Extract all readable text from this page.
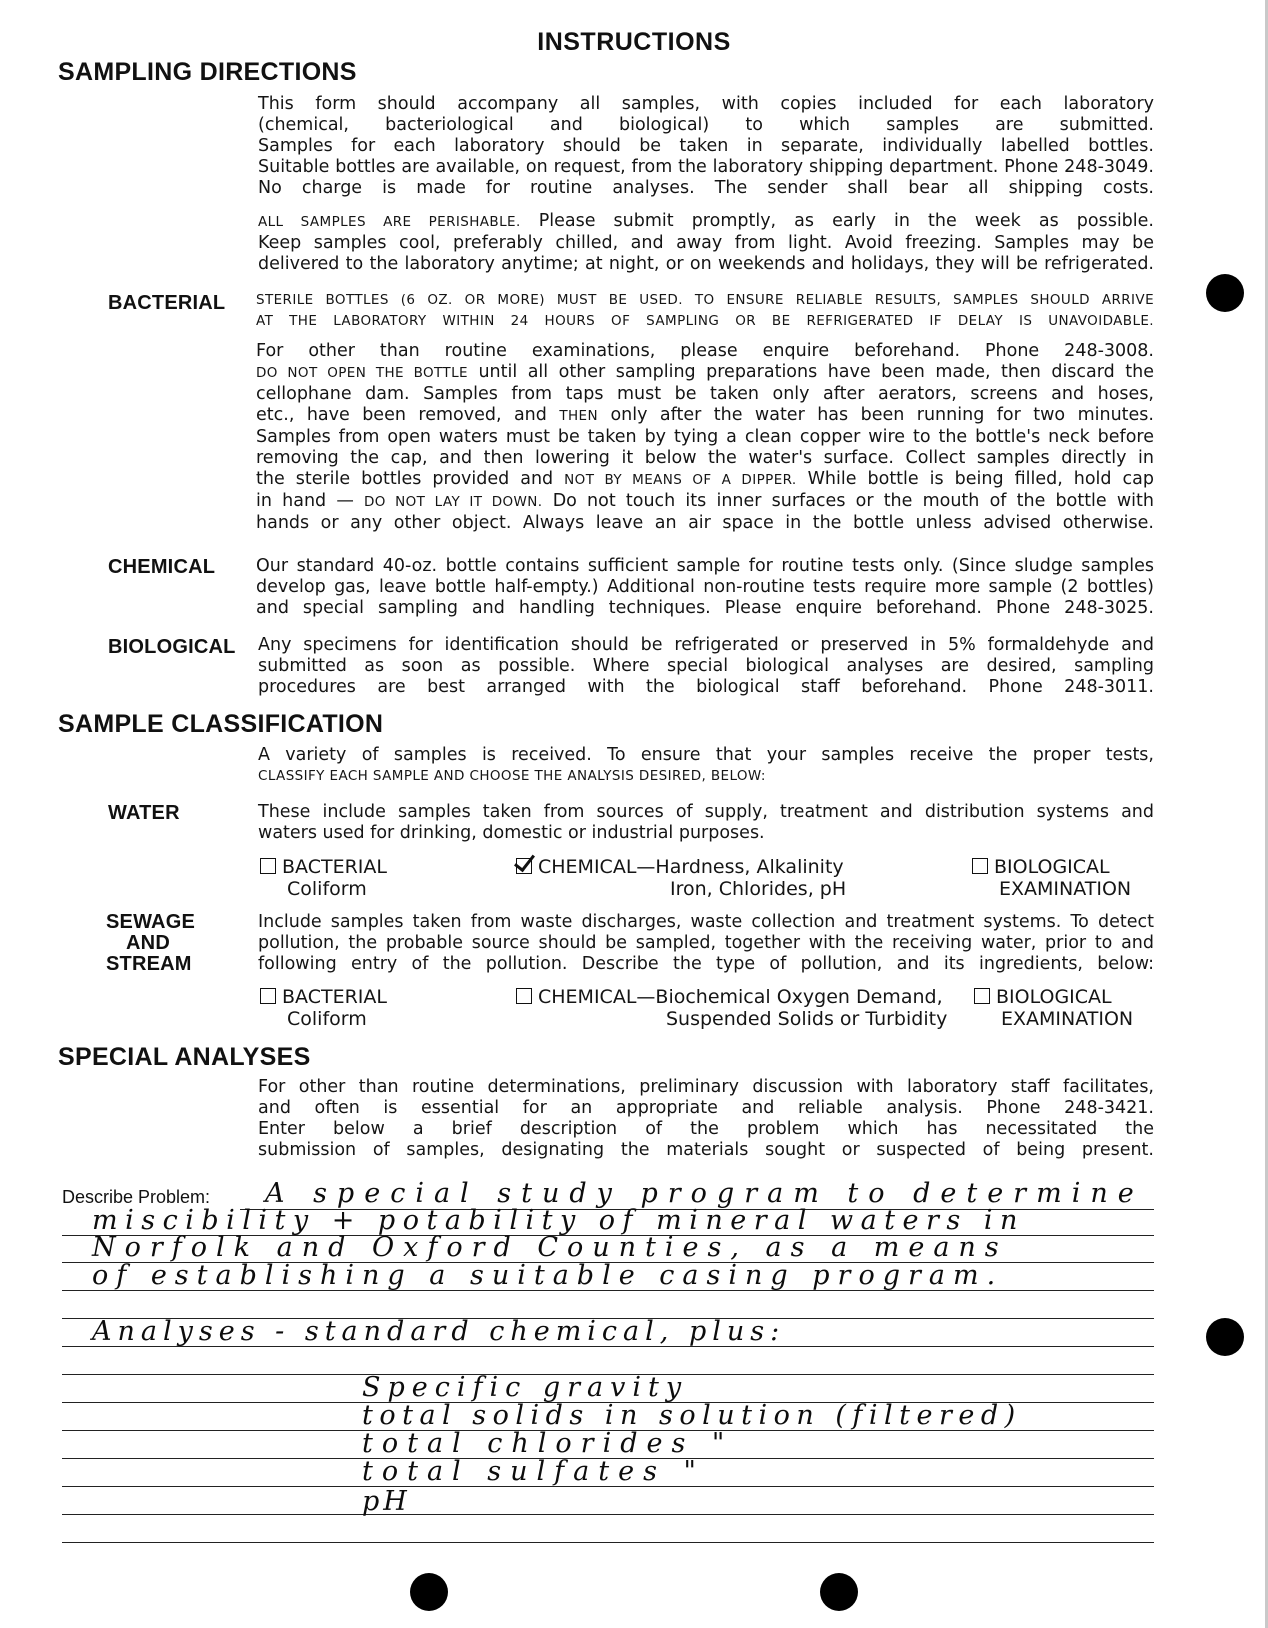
INSTRUCTIONS
SAMPLING DIRECTIONS

This form should accompany all samples, with copies included for each laboratory

(chemical, bacteriological and biological) to which samples are submitted.

Samples for each laboratory should be taken in separate, individually labelled bottles.

Suitable bottles are available, on request, from the laboratory shipping department. Phone 248-3049.

No charge is made for routine analyses. The sender shall bear all shipping costs.

ALL SAMPLES ARE PERISHABLE. Please submit promptly, as early in the week as possible.

Keep samples cool, preferably chilled, and away from light. Avoid freezing. Samples may be

delivered to the laboratory anytime; at night, or on weekends and holidays, they will be refrigerated.

BACTERIAL STERILE BOTTLES (6 OZ. OR MORE) MUST BE USED. TO ENSURE RELIABLE RESULTS, SAMPLES SHOULD ARRIVE

AT THE LABORATORY WITHIN 24 HOURS OF SAMPLING OR BE REFRIGERATED IF DELAY IS UNAVOIDABLE.

For other than routine examinations, please enquire beforehand. Phone 248-3008.

DO NOT OPEN THE BOTTLE until all other sampling preparations have been made, then discard the

cellophane dam. Samples from taps must be taken only after aerators, screens and hoses,

etc., have been removed, and THEN only after the water has been running for two minutes.

Samples from open waters must be taken by tying a clean copper wire to the bottle's neck before

removing the cap, and then lowering it below the water's surface. Collect samples directly in

the sterile bottles provided and NOT BY MEANS OF A DIPPER. While bottle is being filled, hold cap

in hand — DO NOT LAY IT DOWN. Do not touch its inner surfaces or the mouth of the bottle with

hands or any other object. Always leave an air space in the bottle unless advised otherwise.

CHEMICAL Our standard 40-oz. bottle contains sufficient sample for routine tests only. (Since sludge samples

develop gas, leave bottle half-empty.) Additional non-routine tests require more sample (2 bottles)

and special sampling and handling techniques. Please enquire beforehand. Phone 248-3025.

BIOLOGICAL Any specimens for identification should be refrigerated or preserved in 5% formaldehyde and

submitted as soon as possible. Where special biological analyses are desired, sampling

procedures are best arranged with the biological staff beforehand. Phone 248-3011.

SAMPLE CLASSIFICATION

A variety of samples is received. To ensure that your samples receive the proper tests,

CLASSIFY EACH SAMPLE AND CHOOSE THE ANALYSIS DESIRED, BELOW:

WATER	These include samples taken from sources of supply, treatment and distribution systems and

waters used for drinking, domestic or industrial purposes.

BACTERIAL
Coliform
CHEMICAL—Hardness, Alkalinity
Iron, Chlorides, pH
BIOLOGICAL
EXAMINATION
SEWAGE
AND
STREAM

Include samples taken from waste discharges, waste collection and treatment systems. To detect

pollution, the probable source should be sampled, together with the receiving water, prior to and

following entry of the pollution. Describe the type of pollution, and its ingredients, below:

BACTERIAL
Coliform
CHEMICAL—Biochemical Oxygen Demand,
Suspended Solids or Turbidity
BIOLOGICAL
EXAMINATION
SPECIAL ANALYSES

For other than routine determinations, preliminary discussion with laboratory staff facilitates,

and often is essential for an appropriate and reliable analysis. Phone 248-3421.

Enter below a brief description of the problem which has necessitated the

submission of samples, designating the materials sought or suspected of being present.

Describe Problem: A special study program to determine
miscibility + potability of mineral waters in
Norfolk and Oxford Counties, as a means
of establishing a suitable casing program.
Analyses - standard chemical, plus:
Specific gravity
total solids in solution (filtered)
total chlorides "
total sulfates "
pH
